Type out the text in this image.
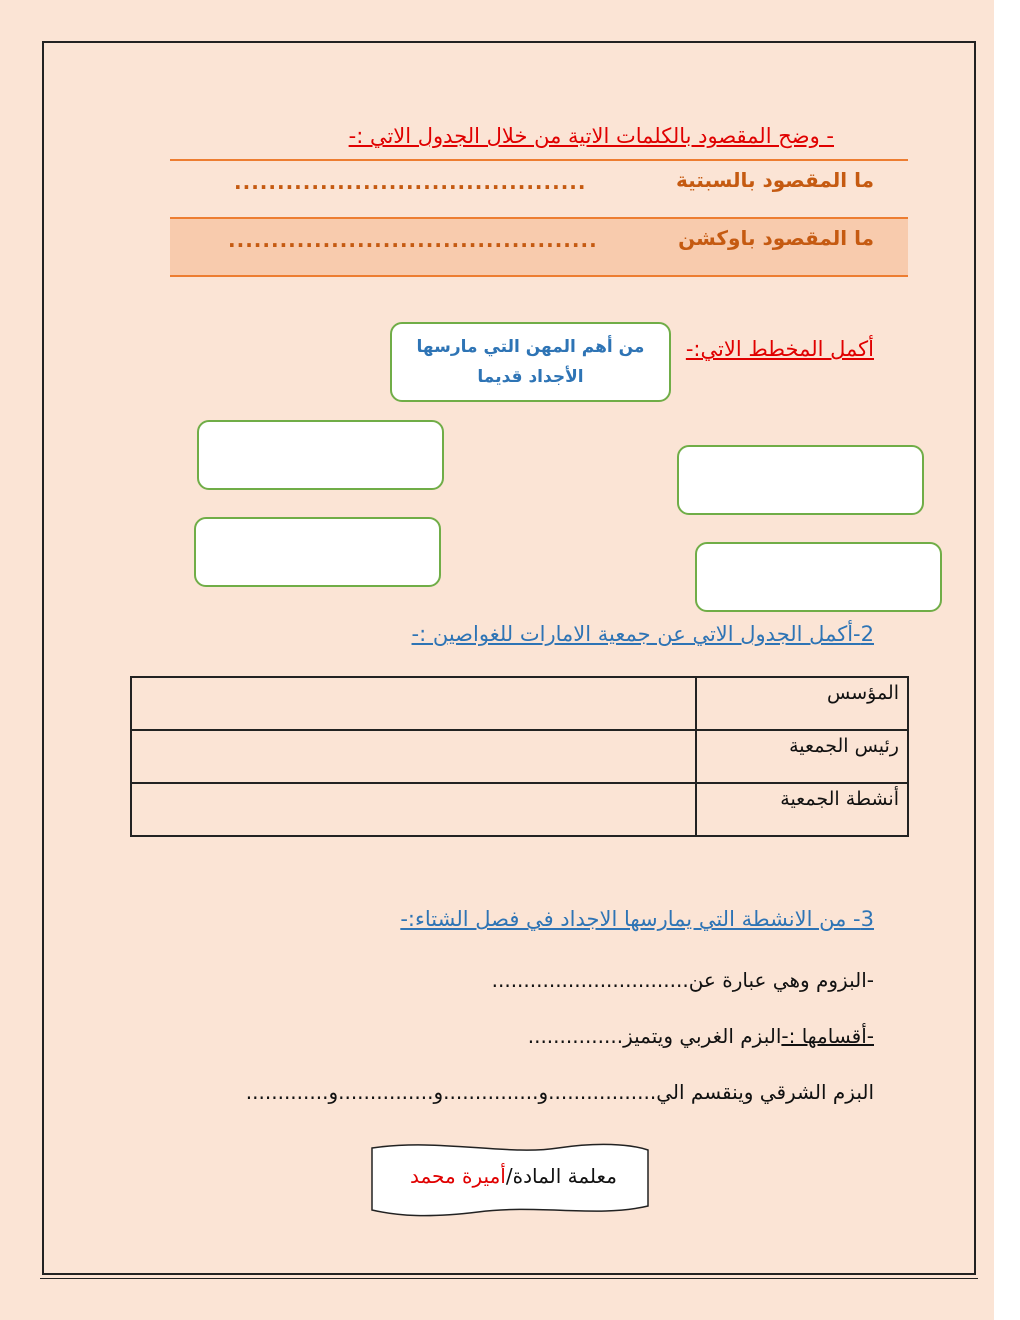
- وضح المقصود بالكلمات الاتية من خلال الجدول الاتي :-
ما المقصود بالسبتية
.........................................
ما المقصود باوكشن
...........................................
أكمل المخطط الاتي:-
من أهم المهن التي مارسها
الأجداد قديما
2-أكمل الجدول الاتي عن جمعية الامارات للغواصين :-
المؤسس	
رئيس الجمعية	
أنشطة الجمعية	
3- من الانشطة التي يمارسها الاجداد في فصل الشتاء:-
-البزوم وهي عبارة عن...............................
-أقسامها :-البزم الغربي ويتميز...............
البزم الشرقي وينقسم الي.................و...............و...............و.............
معلمة المادة/أميرة محمد
